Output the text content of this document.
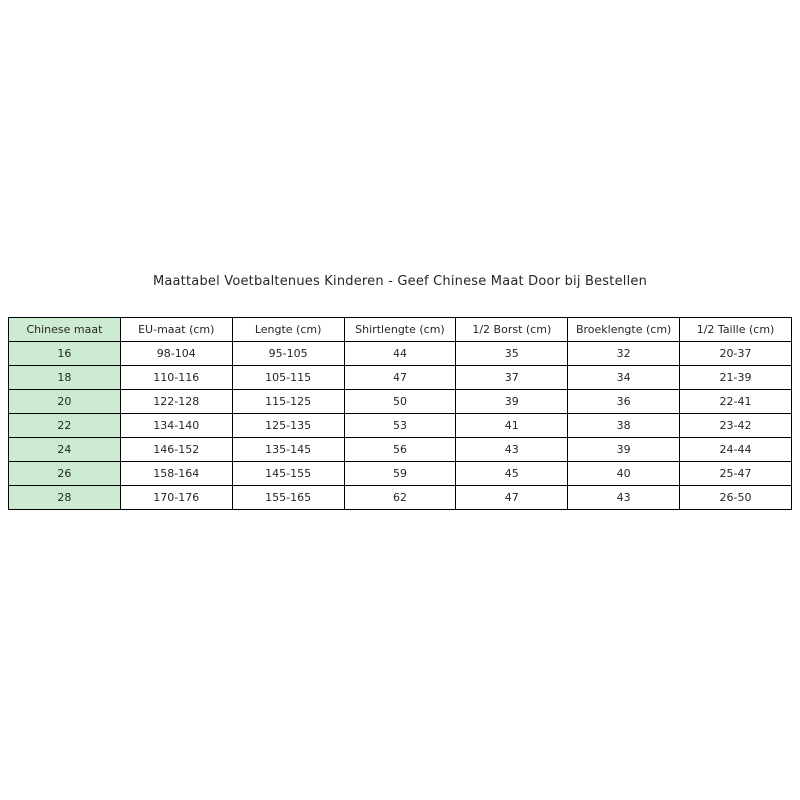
Maattabel Voetbaltenues Kinderen - Geef Chinese Maat Door bij Bestellen
Chinese maat	EU-maat (cm)	Lengte (cm)	Shirtlengte (cm)	1/2 Borst (cm)	Broeklengte (cm)	1/2 Taille (cm)
16	98-104	95-105	44	35	32	20-37
18	110-116	105-115	47	37	34	21-39
20	122-128	115-125	50	39	36	22-41
22	134-140	125-135	53	41	38	23-42
24	146-152	135-145	56	43	39	24-44
26	158-164	145-155	59	45	40	25-47
28	170-176	155-165	62	47	43	26-50
